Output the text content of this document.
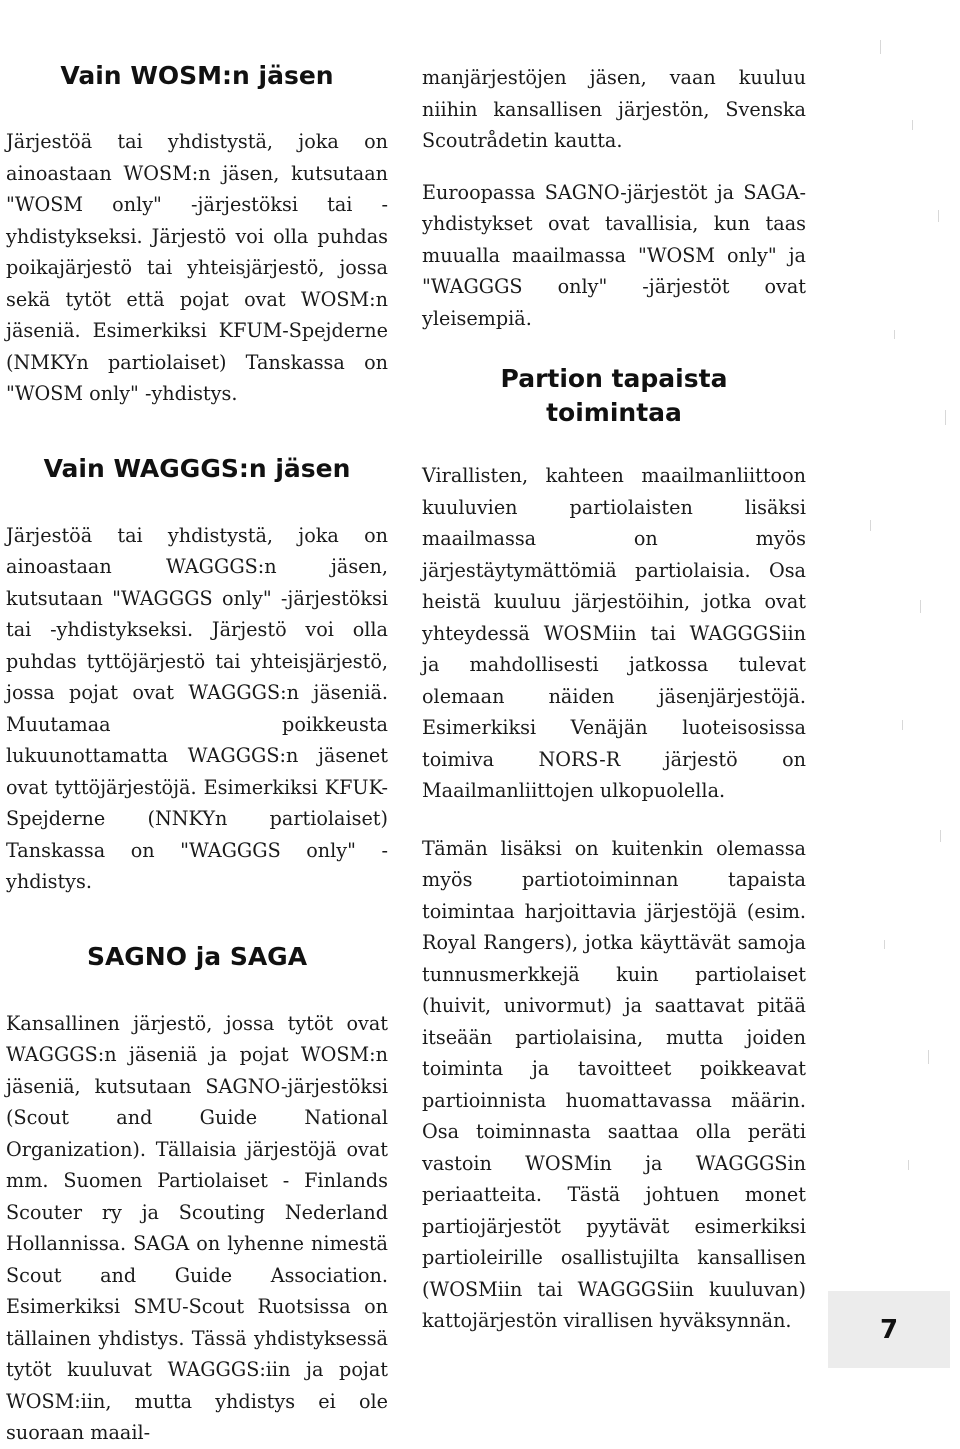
Vain WOSM:n jäsen

Järjestöä tai yhdistystä, joka on ainoastaan WOSM:n jäsen, kutsutaan "WOSM only" -järjestöksi tai -yhdistykseksi. Järjestö voi olla puhdas poikajärjestö tai yhteisjärjestö, jossa sekä tytöt että pojat ovat WOSM:n jäseniä. Esimerkiksi KFUM-Spejderne (NMKYn partiolaiset) Tanskassa on "WOSM only" -yhdistys.

Vain WAGGGS:n jäsen

Järjestöä tai yhdistystä, joka on ainoastaan WAGGGS:n jäsen, kutsutaan "WAGGGS only" -järjestöksi tai -yhdistykseksi. Järjestö voi olla puhdas tyttöjärjestö tai yhteisjärjestö, jossa pojat ovat WAGGGS:n jäseniä. Muutamaa poikkeusta lukuunottamatta WAGGGS:n jäsenet ovat tyttöjärjestöjä. Esimerkiksi KFUK-Spejderne (NNKYn partiolaiset) Tanskassa on "WAGGGS only" -yhdistys.

SAGNO ja SAGA

Kansallinen järjestö, jossa tytöt ovat WAGGGS:n jäseniä ja pojat WOSM:n jäseniä, kutsutaan SAGNO-järjestöksi (Scout and Guide National Organization). Tällaisia järjestöjä ovat mm. Suomen Partiolaiset - Finlands Scouter ry ja Scouting Nederland Hollannissa. SAGA on lyhenne nimestä Scout and Guide Association. Esimerkiksi SMU-Scout Ruotsissa on tällainen yhdistys. Tässä yhdistyksessä tytöt kuuluvat WAGGGS:iin ja pojat WOSM:iin, mutta yhdistys ei ole suoraan maail-

manjärjestöjen jäsen, vaan kuuluu niihin kansallisen järjestön, Svenska Scoutrådetin kautta.

Euroopassa SAGNO-järjestöt ja SAGA-yhdistykset ovat tavallisia, kun taas muualla maailmassa "WOSM only" ja "WAGGGS only" -järjestöt ovat yleisempiä.

Partion tapaista
toimintaa

Virallisten, kahteen maailmanliittoon kuuluvien partiolaisten lisäksi maailmassa on myös järjestäytymättömiä partiolaisia. Osa heistä kuuluu järjestöihin, jotka ovat yhteydessä WOSMiin tai WAGGGSiin ja mahdollisesti jatkossa tulevat olemaan näiden jäsenjärjestöjä. Esimerkiksi Venäjän luoteisosissa toimiva NORS-R järjestö on Maailmanliittojen ulkopuolella.

Tämän lisäksi on kuitenkin olemassa myös partiotoiminnan tapaista toimintaa harjoittavia järjestöjä (esim. Royal Rangers), jotka käyttävät samoja tunnusmerkkejä kuin partiolaiset (huivit, univormut) ja saattavat pitää itseään partiolaisina, mutta joiden toiminta ja tavoitteet poikkeavat partioinnista huomattavassa määrin. Osa toiminnasta saattaa olla peräti vastoin WOSMin ja WAGGGSin periaatteita. Tästä johtuen monet partiojärjestöt pyytävät esimerkiksi partioleirille osallistujilta kansallisen (WOSMiin tai WAGGGSiin kuuluvan) kattojärjestön virallisen hyväksynnän.	7
